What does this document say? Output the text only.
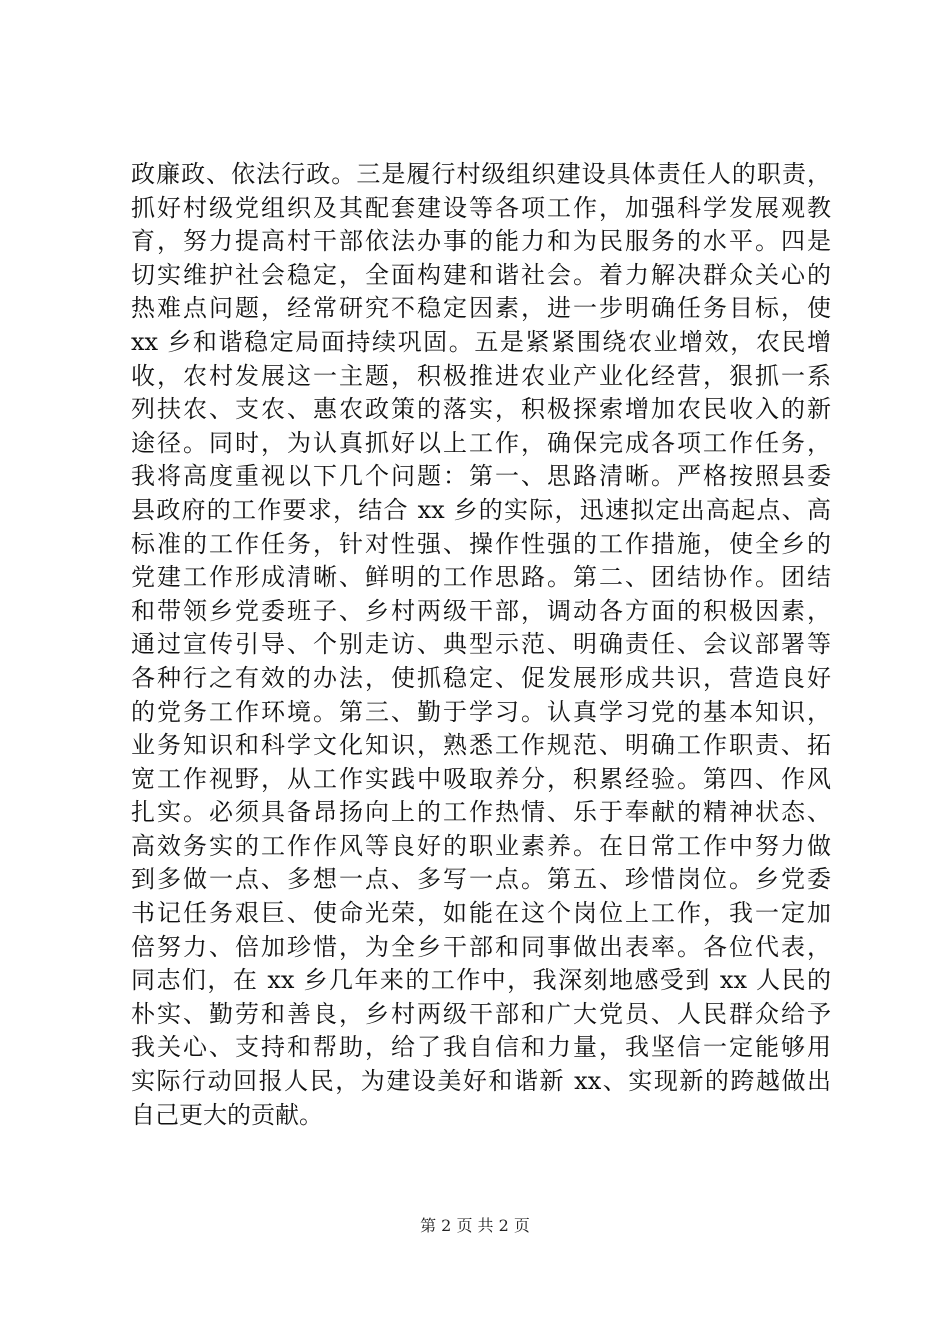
政廉政、依法行政。三是履行村级组织建设具体责任人的职责，
抓好村级党组织及其配套建设等各项工作，加强科学发展观教
育，努力提高村干部依法办事的能力和为民服务的水平。四是
切实维护社会稳定，全面构建和谐社会。着力解决群众关心的
热难点问题，经常研究不稳定因素，进一步明确任务目标，使
xx 乡和谐稳定局面持续巩固。五是紧紧围绕农业增效，农民增
收，农村发展这一主题，积极推进农业产业化经营，狠抓一系
列扶农、支农、惠农政策的落实，积极探索增加农民收入的新
途径。同时，为认真抓好以上工作，确保完成各项工作任务，
我将高度重视以下几个问题：第一、思路清晰。严格按照县委
县政府的工作要求，结合 xx 乡的实际，迅速拟定出高起点、高
标准的工作任务，针对性强、操作性强的工作措施，使全乡的
党建工作形成清晰、鲜明的工作思路。第二、团结协作。团结
和带领乡党委班子、乡村两级干部，调动各方面的积极因素，
通过宣传引导、个别走访、典型示范、明确责任、会议部署等
各种行之有效的办法，使抓稳定、促发展形成共识，营造良好
的党务工作环境。第三、勤于学习。认真学习党的基本知识，
业务知识和科学文化知识，熟悉工作规范、明确工作职责、拓
宽工作视野，从工作实践中吸取养分，积累经验。第四、作风
扎实。必须具备昂扬向上的工作热情、乐于奉献的精神状态、
高效务实的工作作风等良好的职业素养。在日常工作中努力做
到多做一点、多想一点、多写一点。第五、珍惜岗位。乡党委
书记任务艰巨、使命光荣，如能在这个岗位上工作，我一定加
倍努力、倍加珍惜，为全乡干部和同事做出表率。各位代表，
同志们，在 xx 乡几年来的工作中，我深刻地感受到 xx 人民的
朴实、勤劳和善良，乡村两级干部和广大党员、人民群众给予
我关心、支持和帮助，给了我自信和力量，我坚信一定能够用
实际行动回报人民，为建设美好和谐新 xx、实现新的跨越做出
自己更大的贡献。
第 2 页 共 2 页
